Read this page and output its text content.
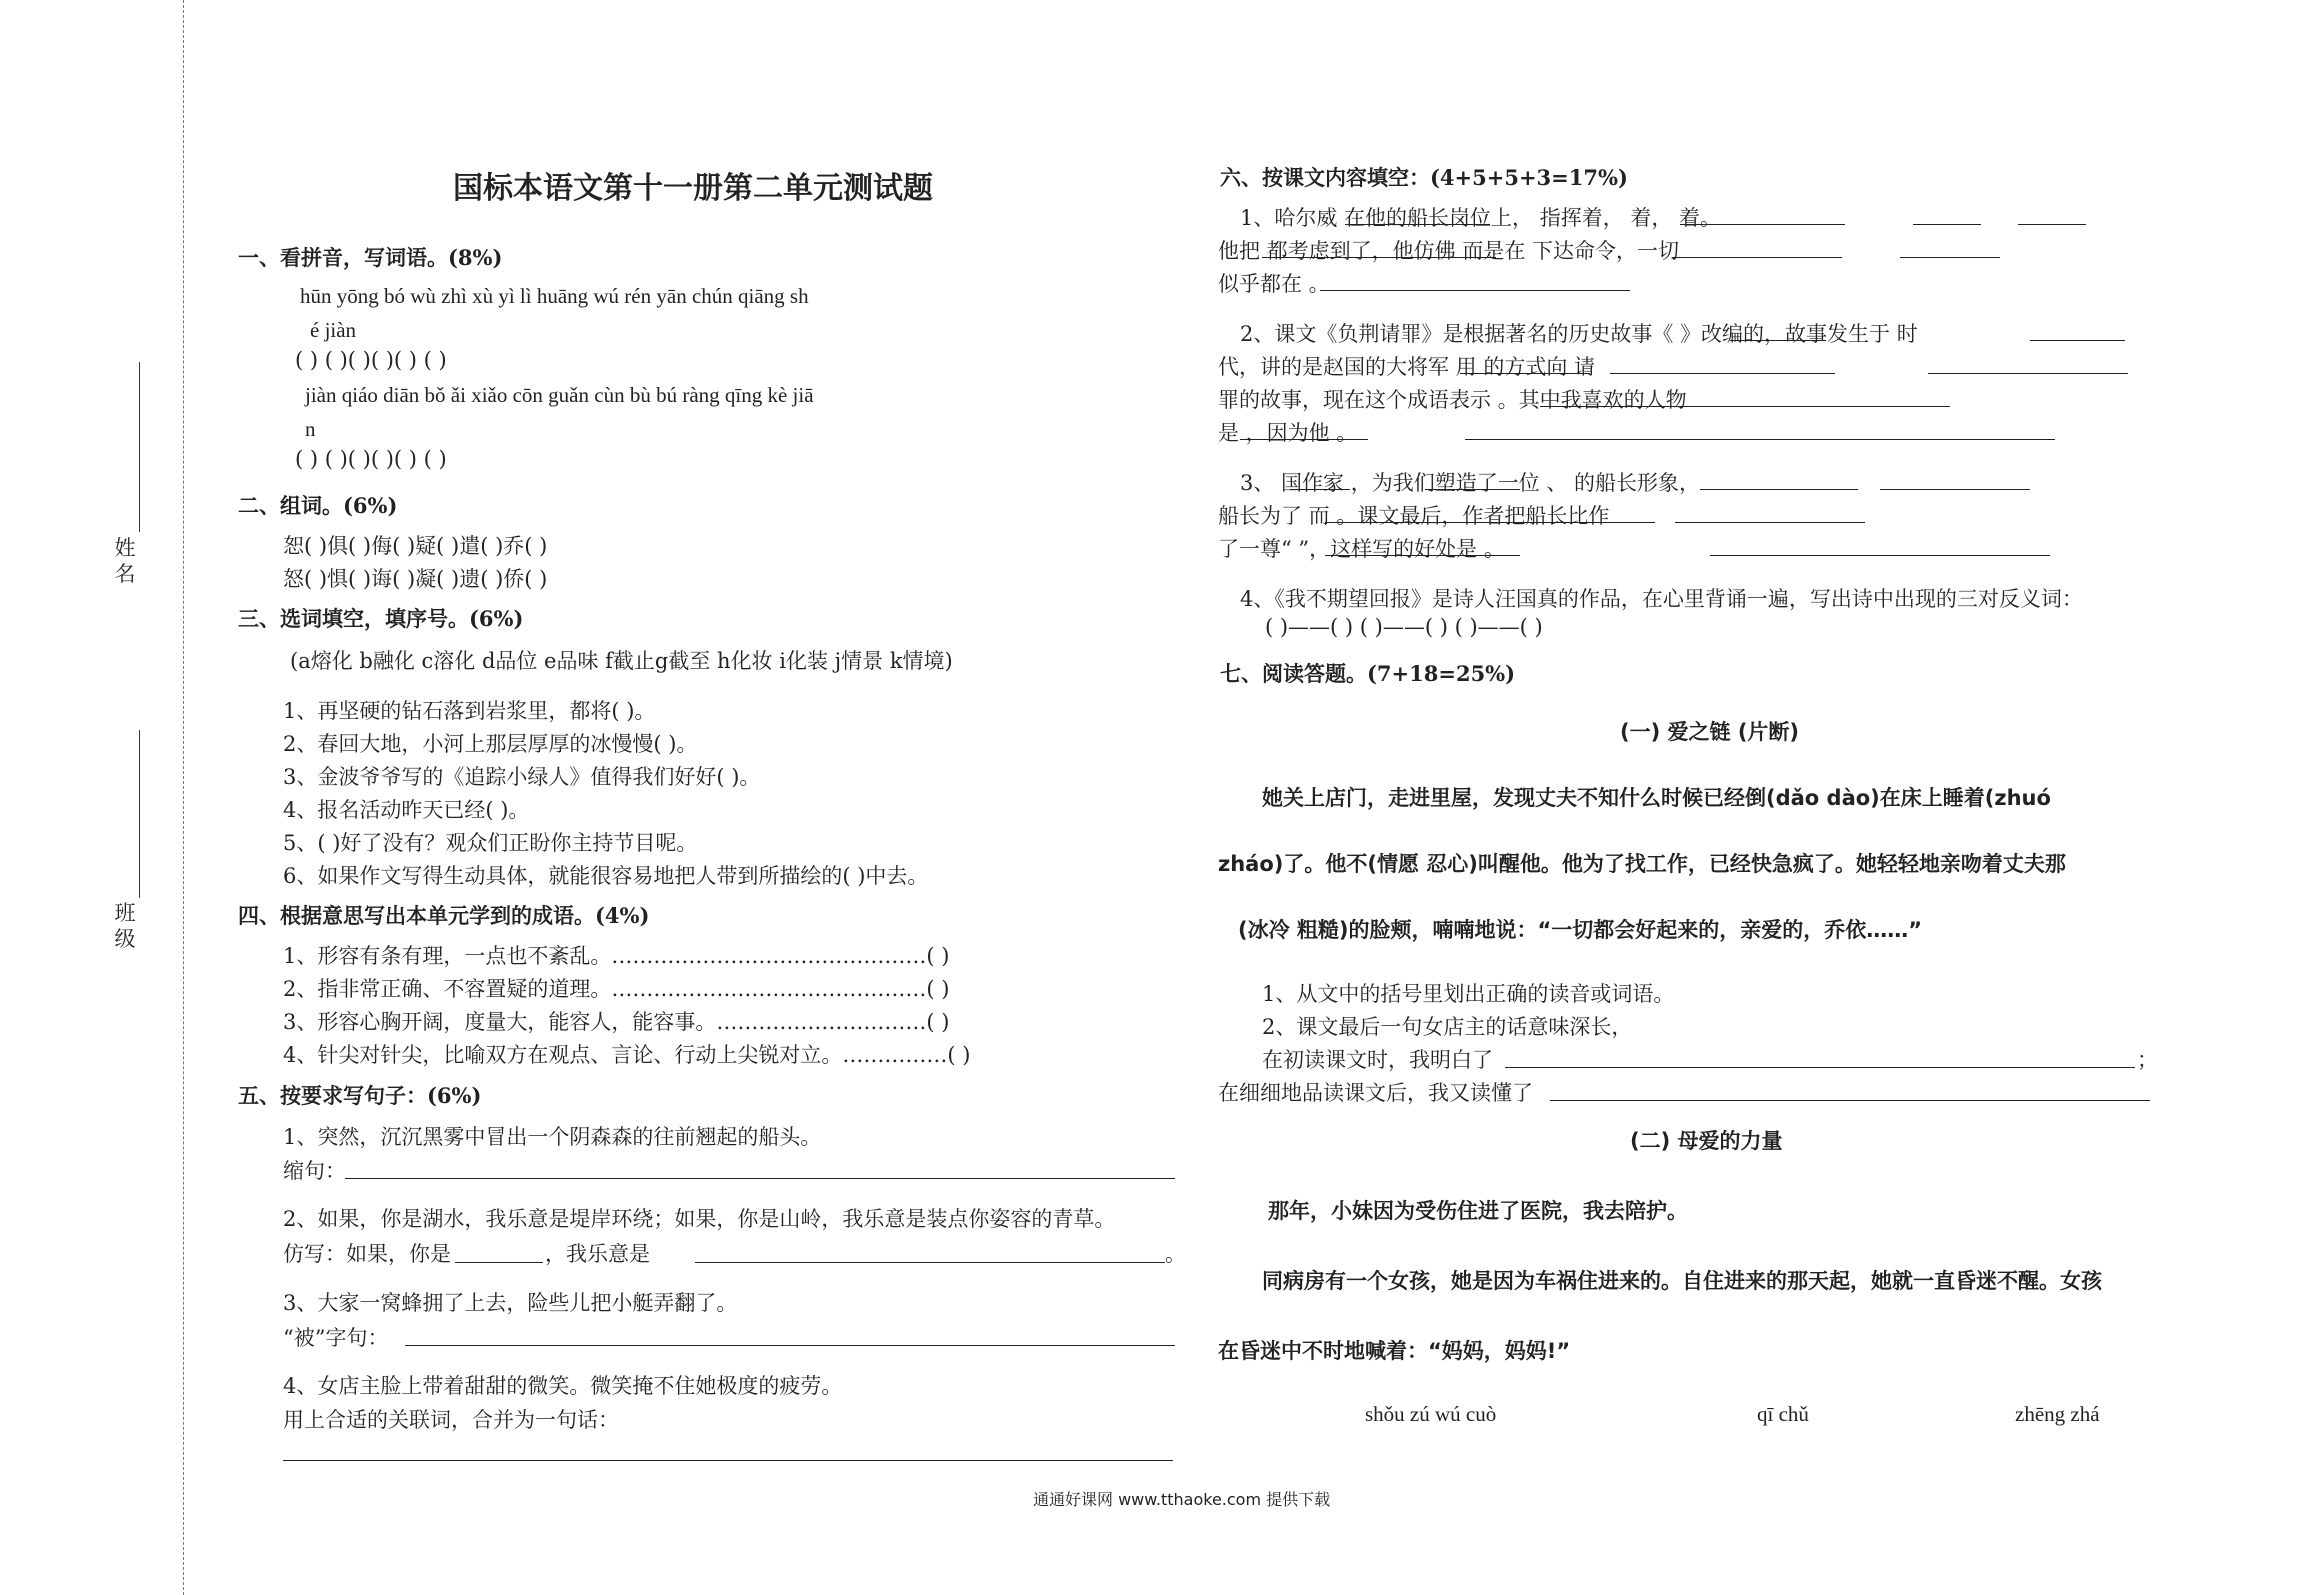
姓名
班级
国标本语文第十一册第二单元测试题
一、看拼音，写词语。(8%)
hūn yōng bó wù zhì xù yì lì huāng wú rén yān chún qiāng sh
é jiàn
( ) ( )( )( )( ) ( )
jiàn qiáo diān bǒ ǎi xiǎo cōn guǎn cùn bù bú ràng qīng kè jiā
n
( ) ( )( )( )( ) ( )
二、组词。(6%)
恕( )俱( )侮( )疑( )遣( )乔( )
怒( )惧( )诲( )凝( )遗( )侨( )
三、选词填空，填序号。(6%)
(a熔化 b融化 c溶化 d品位 e品味 f截止g截至 h化妆 i化装 j情景 k情境)
1、再坚硬的钻石落到岩浆里，都将( )。
2、春回大地，小河上那层厚厚的冰慢慢( )。
3、金波爷爷写的《追踪小绿人》值得我们好好( )。
4、报名活动昨天已经( )。
5、( )好了没有？观众们正盼你主持节目呢。
6、如果作文写得生动具体，就能很容易地把人带到所描绘的( )中去。
四、根据意思写出本单元学到的成语。(4%)
1、形容有条有理，一点也不紊乱。………………………………………( )
2、指非常正确、不容置疑的道理。………………………………………( )
3、形容心胸开阔，度量大，能容人，能容事。…………………………( )
4、针尖对针尖，比喻双方在观点、言论、行动上尖锐对立。……………( )
五、按要求写句子：(6%)
1、突然，沉沉黑雾中冒出一个阴森森的往前翘起的船头。
缩句：
2、如果，你是湖水，我乐意是堤岸环绕；如果，你是山岭，我乐意是装点你姿容的青草。
仿写：如果，你是	，我乐意是	。
3、大家一窝蜂拥了上去，险些儿把小艇弄翻了。
“被”字句：
4、女店主脸上带着甜甜的微笑。微笑掩不住她极度的疲劳。
用上合适的关联词，合并为一句话：
六、按课文内容填空：(4+5+5+3=17%)
1、哈尔威 在他的船长岗位上， 指挥着， 着， 着。
他把 都考虑到了，他仿佛 而是在 下达命令，一切
似乎都在 。
2、课文《负荆请罪》是根据著名的历史故事《 》改编的，故事发生于 时
代，讲的是赵国的大将军 用 的方式向 请
罪的故事，现在这个成语表示 。其中我喜欢的人物
是 ，因为他 。
3、 国作家 ，为我们塑造了一位 、 的船长形象，
船长为了 而 。课文最后，作者把船长比作
了一尊“ ”，这样写的好处是 。
4、《我不期望回报》是诗人汪国真的作品，在心里背诵一遍，写出诗中出现的三对反义词：
( )——( ) ( )——( ) ( )——( )
七、阅读答题。(7+18=25%)
(一) 爱之链 (片断)
她关上店门，走进里屋，发现丈夫不知什么时候已经倒(dǎo dào)在床上睡着(zhuó
zháo)了。他不(情愿 忍心)叫醒他。他为了找工作，已经快急疯了。她轻轻地亲吻着丈夫那
(冰冷 粗糙)的脸颊，喃喃地说：“一切都会好起来的，亲爱的，乔依……”
1、从文中的括号里划出正确的读音或词语。
2、课文最后一句女店主的话意味深长，
在初读课文时，我明白了	；
在细细地品读课文后，我又读懂了
(二) 母爱的力量
那年，小妹因为受伤住进了医院，我去陪护。
同病房有一个女孩，她是因为车祸住进来的。自住进来的那天起，她就一直昏迷不醒。女孩
在昏迷中不时地喊着：“妈妈，妈妈!”
shǒu zú wú cuò	qī chǔ	zhēng zhá
通通好课网 www.tthaoke.com 提供下载
